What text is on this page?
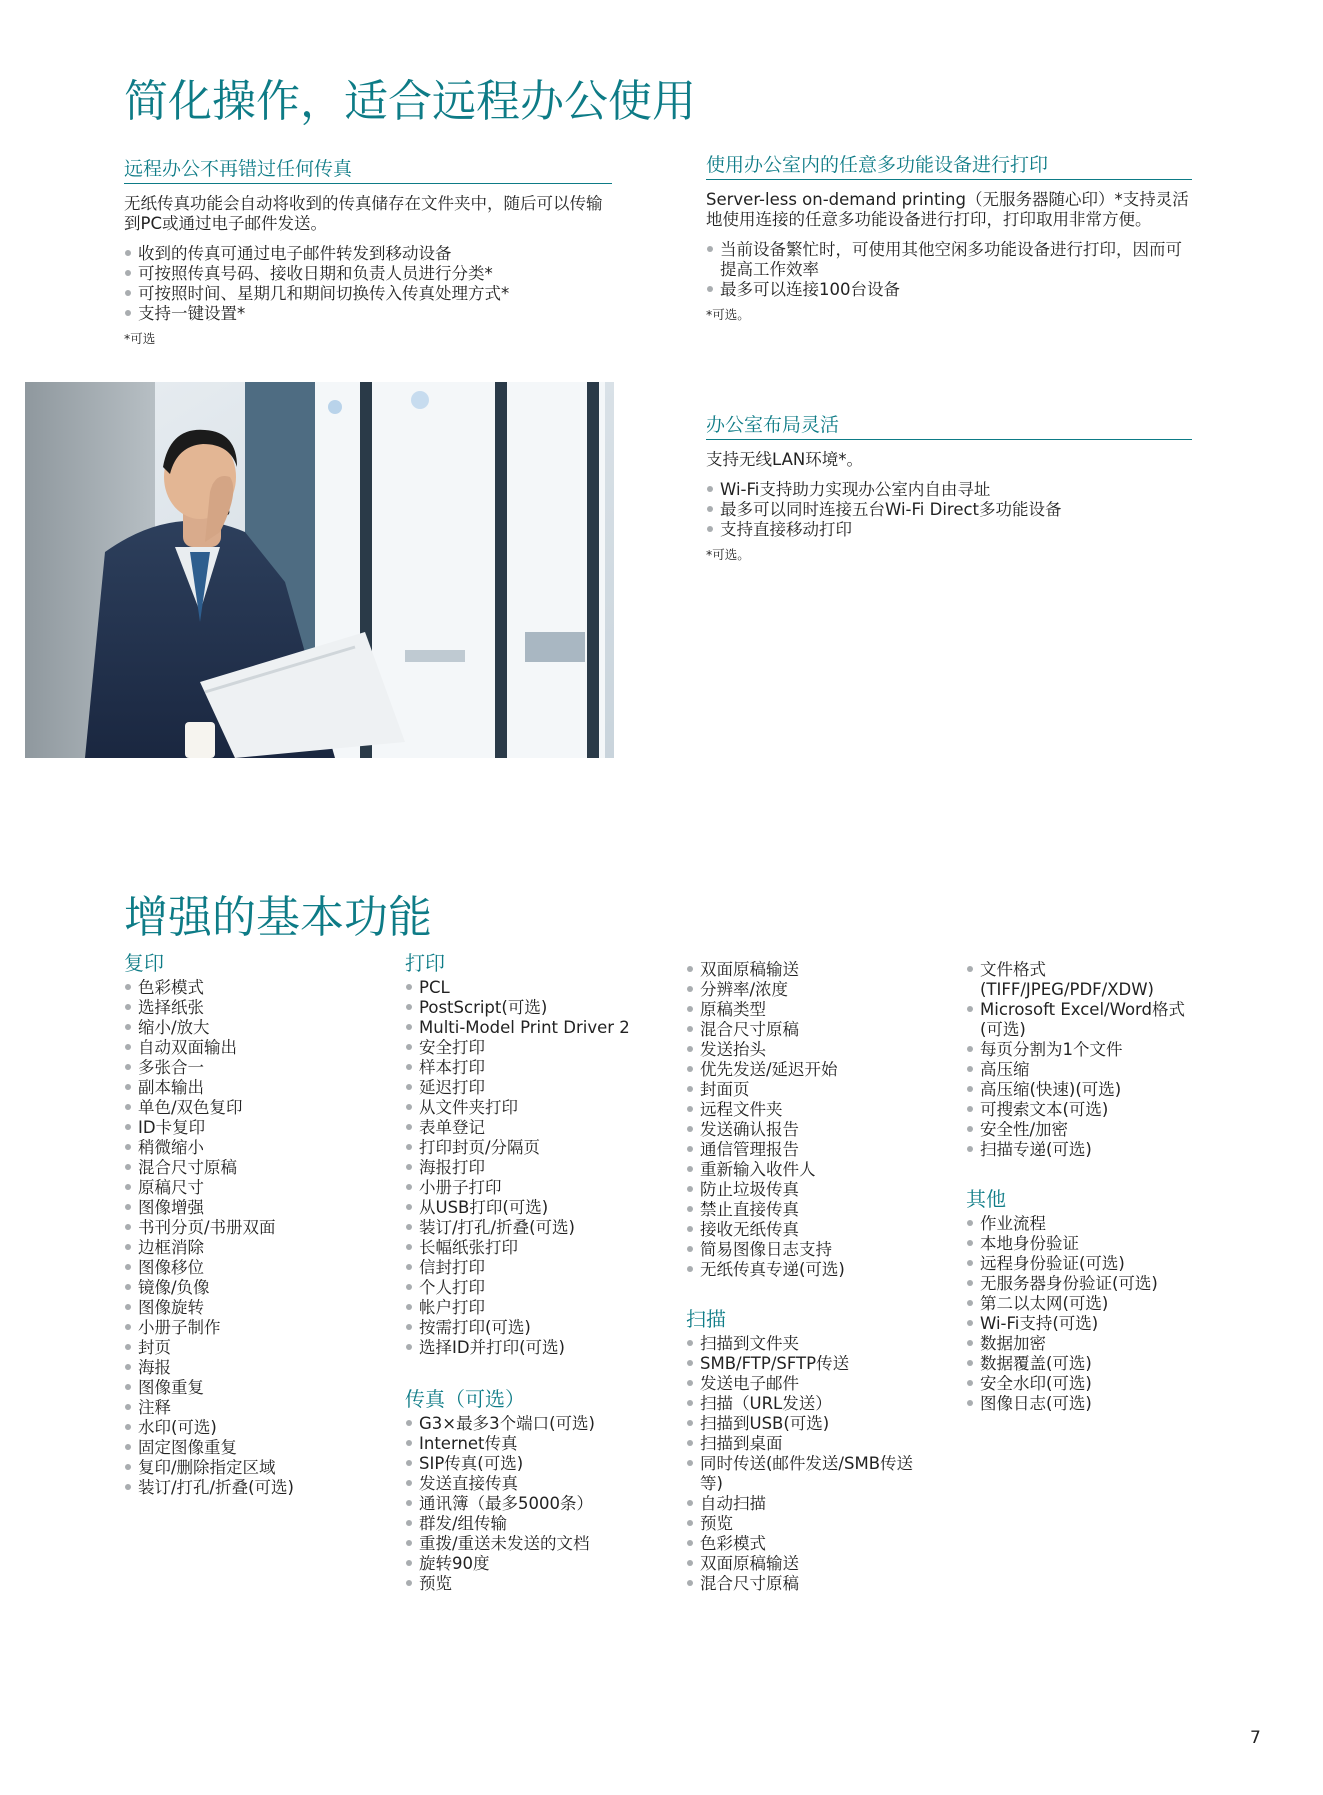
简化操作，适合远程办公使用
远程办公不再错过任何传真
无纸传真功能会自动将收到的传真储存在文件夹中，随后可以传输到PC或通过电子邮件发送。
收到的传真可通过电子邮件转发到移动设备
可按照传真号码、接收日期和负责人员进行分类*
可按照时间、星期几和期间切换传入传真处理方式*
支持一键设置*
*可选
使用办公室内的任意多功能设备进行打印
Server-less on-demand printing（无服务器随心印）*支持灵活地使用连接的任意多功能设备进行打印，打印取用非常方便。
当前设备繁忙时，可使用其他空闲多功能设备进行打印，因而可提高工作效率
最多可以连接100台设备
*可选。
办公室布局灵活
支持无线LAN环境*。
Wi-Fi支持助力实现办公室内自由寻址
最多可以同时连接五台Wi-Fi Direct多功能设备
支持直接移动打印
*可选。
增强的基本功能
复印
色彩模式
选择纸张
缩小/放大
自动双面输出
多张合一
副本输出
单色/双色复印
ID卡复印
稍微缩小
混合尺寸原稿
原稿尺寸
图像增强
书刊分页/书册双面
边框消除
图像移位
镜像/负像
图像旋转
小册子制作
封页
海报
图像重复
注释
水印(可选)
固定图像重复
复印/删除指定区域
装订/打孔/折叠(可选)
打印
PCL
PostScript(可选)
Multi-Model Print Driver 2
安全打印
样本打印
延迟打印
从文件夹打印
表单登记
打印封页/分隔页
海报打印
小册子打印
从USB打印(可选)
装订/打孔/折叠(可选)
长幅纸张打印
信封打印
个人打印
帐户打印
按需打印(可选)
选择ID并打印(可选)
传真（可选）
G3×最多3个端口(可选)
Internet传真
SIP传真(可选)
发送直接传真
通讯簿（最多5000条）
群发/组传输
重拨/重送未发送的文档
旋转90度
预览
双面原稿输送
分辨率/浓度
原稿类型
混合尺寸原稿
发送抬头
优先发送/延迟开始
封面页
远程文件夹
发送确认报告
通信管理报告
重新输入收件人
防止垃圾传真
禁止直接传真
接收无纸传真
简易图像日志支持
无纸传真专递(可选)
扫描
扫描到文件夹
SMB/FTP/SFTP传送
发送电子邮件
扫描（URL发送）
扫描到USB(可选)
扫描到桌面
同时传送(邮件发送/SMB传送等)
自动扫描
预览
色彩模式
双面原稿输送
混合尺寸原稿
文件格式(TIFF/JPEG/PDF/XDW)
Microsoft Excel/Word格式(可选)
每页分割为1个文件
高压缩
高压缩(快速)(可选)
可搜索文本(可选)
安全性/加密
扫描专递(可选)
其他
作业流程
本地身份验证
远程身份验证(可选)
无服务器身份验证(可选)
第二以太网(可选)
Wi-Fi支持(可选)
数据加密
数据覆盖(可选)
安全水印(可选)
图像日志(可选)
7
